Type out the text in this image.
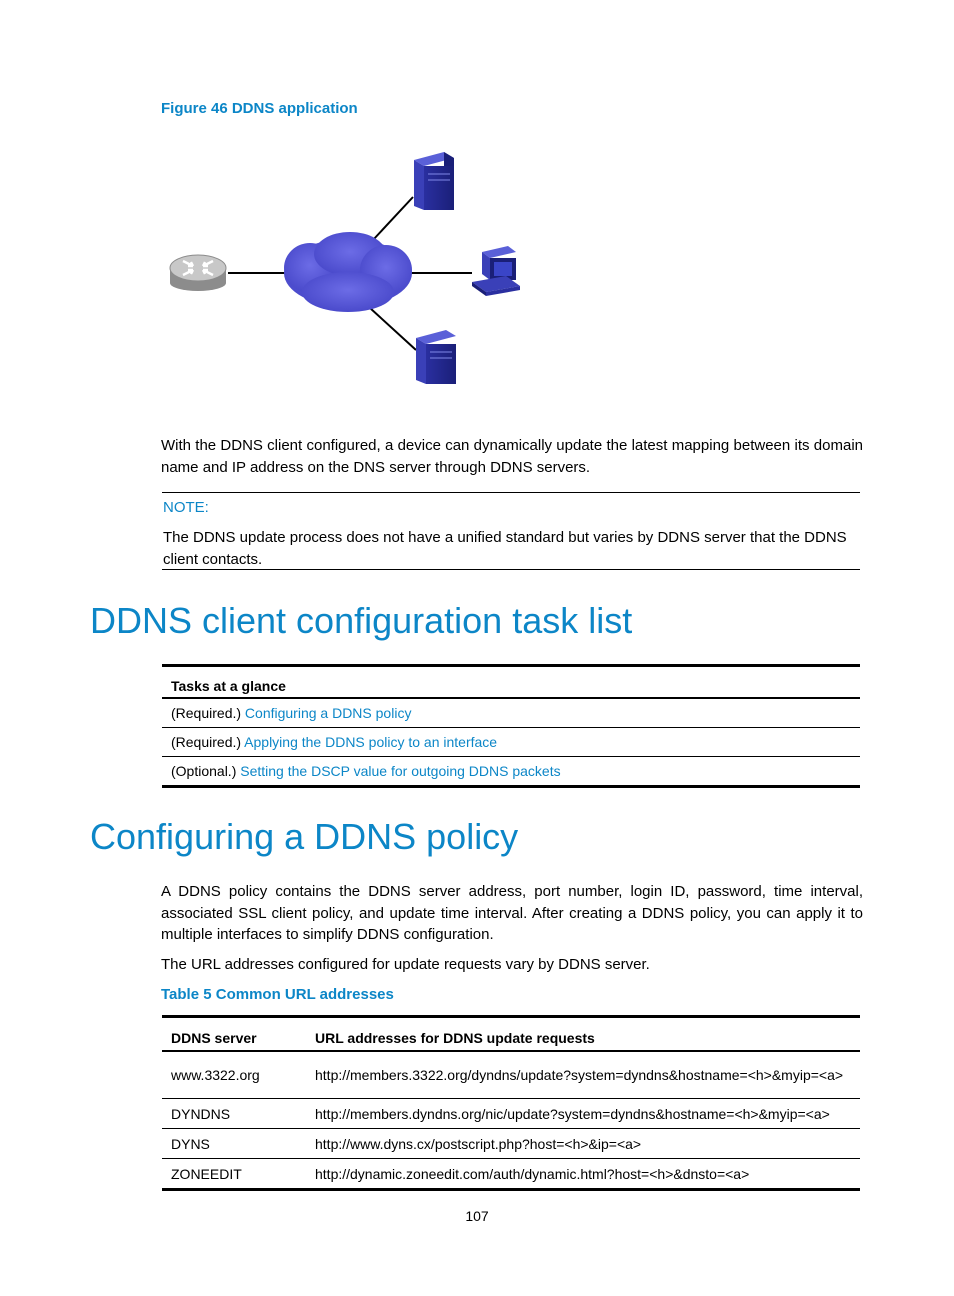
Figure 46 DDNS application
With the DDNS client configured, a device can dynamically update the latest mapping between its domain name and IP address on the DNS server through DDNS servers.
NOTE:
The DDNS update process does not have a unified standard but varies by DDNS server that the DDNS client contacts.
DDNS client configuration task list
Tasks at a glance
(Required.) Configuring a DDNS policy
(Required.) Applying the DDNS policy to an interface
(Optional.) Setting the DSCP value for outgoing DDNS packets
Configuring a DDNS policy
A DDNS policy contains the DDNS server address, port number, login ID, password, time interval, associated SSL client policy, and update time interval. After creating a DDNS policy, you can apply it to multiple interfaces to simplify DDNS configuration.
The URL addresses configured for update requests vary by DDNS server.
Table 5 Common URL addresses
DDNS server	URL addresses for DDNS update requests
www.3322.org	http://members.3322.org/dyndns/update?system=dyndns&hostname=<h>&myip=<a>
DYNDNS	http://members.dyndns.org/nic/update?system=dyndns&hostname=<h>&myip=<a>
DYNS	http://www.dyns.cx/postscript.php?host=<h>&ip=<a>
ZONEEDIT	http://dynamic.zoneedit.com/auth/dynamic.html?host=<h>&dnsto=<a>
107
